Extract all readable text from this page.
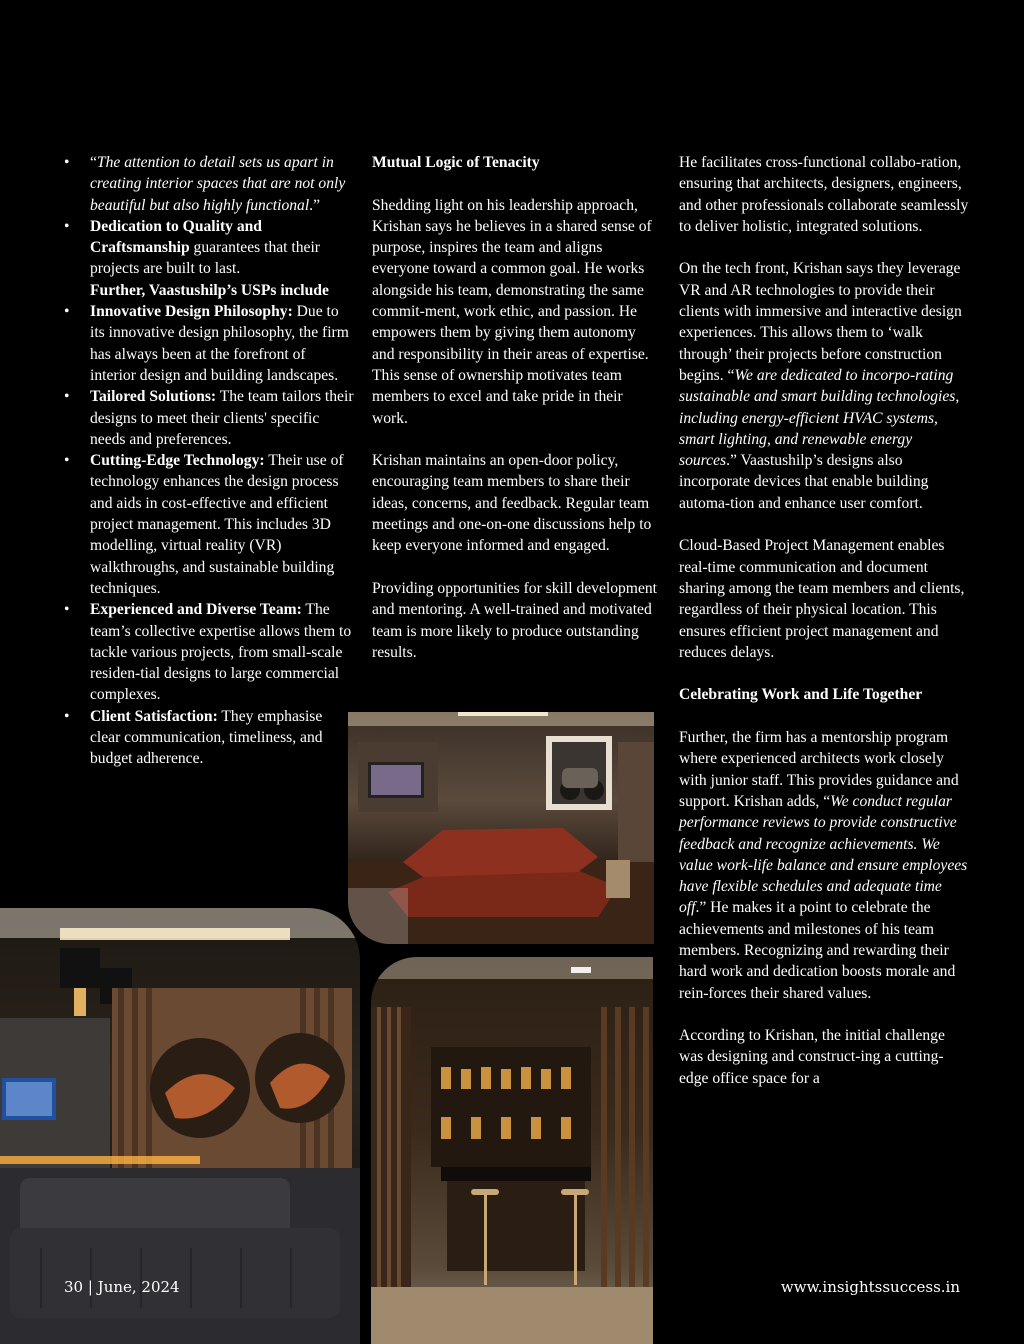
• “The attention to detail sets us apart in creating interior spaces that are not only beautiful but also highly functional.”

• Dedication to Quality and Craftsmanship guarantees that their projects are built to last.

Further, Vaastushilp’s USPs include

• Innovative Design Philosophy: Due to its innovative design philosophy, the firm has always been at the forefront of interior design and building landscapes.

• Tailored Solutions: The team tailors their designs to meet their clients' specific needs and preferences.

• Cutting-Edge Technology: Their use of technology enhances the design process and aids in cost-effective and efficient project management. This includes 3D modelling, virtual reality (VR) walkthroughs, and sustainable building techniques.

• Experienced and Diverse Team: The team’s collective expertise allows them to tackle various projects, from small-scale residen-tial designs to large commercial complexes.

• Client Satisfaction: They emphasise clear communication, timeliness, and budget adherence.

Mutual Logic of Tenacity

Shedding light on his leadership approach, Krishan says he believes in a shared sense of purpose, inspires the team and aligns everyone toward a common goal. He works alongside his team, demonstrating the same commit-ment, work ethic, and passion. He empowers them by giving them autonomy and responsibility in their areas of expertise. This sense of ownership motivates team members to excel and take pride in their work.

Krishan maintains an open-door policy, encouraging team members to share their ideas, concerns, and feedback. Regular team meetings and one-on-one discussions help to keep everyone informed and engaged.

Providing opportunities for skill development and mentoring. A well-trained and motivated team is more likely to produce outstanding results.

He facilitates cross-functional collabo-ration, ensuring that architects, designers, engineers, and other professionals collaborate seamlessly to deliver holistic, integrated solutions.

On the tech front, Krishan says they leverage VR and AR technologies to provide their clients with immersive and interactive design experiences. This allows them to ‘walk through’ their projects before construction begins. “We are dedicated to incorpo-rating sustainable and smart building technologies, including energy-efficient HVAC systems, smart lighting, and renewable energy sources.” Vaastushilp’s designs also incorporate devices that enable building automa-tion and enhance user comfort.

Cloud-Based Project Management enables real-time communication and document sharing among the team members and clients, regardless of their physical location. This ensures efficient project management and reduces delays.

Celebrating Work and Life Together

Further, the firm has a mentorship program where experienced architects work closely with junior staff. This provides guidance and support. Krishan adds, “We conduct regular performance reviews to provide constructive feedback and recognize achievements. We value work-life balance and ensure employees have flexible schedules and adequate time off.” He makes it a point to celebrate the achievements and milestones of his team members. Recognizing and rewarding their hard work and dedication boosts morale and rein-forces their shared values.

According to Krishan, the initial challenge was designing and construct-ing a cutting-edge office space for a

30 | June, 2024	www.insightssuccess.in
